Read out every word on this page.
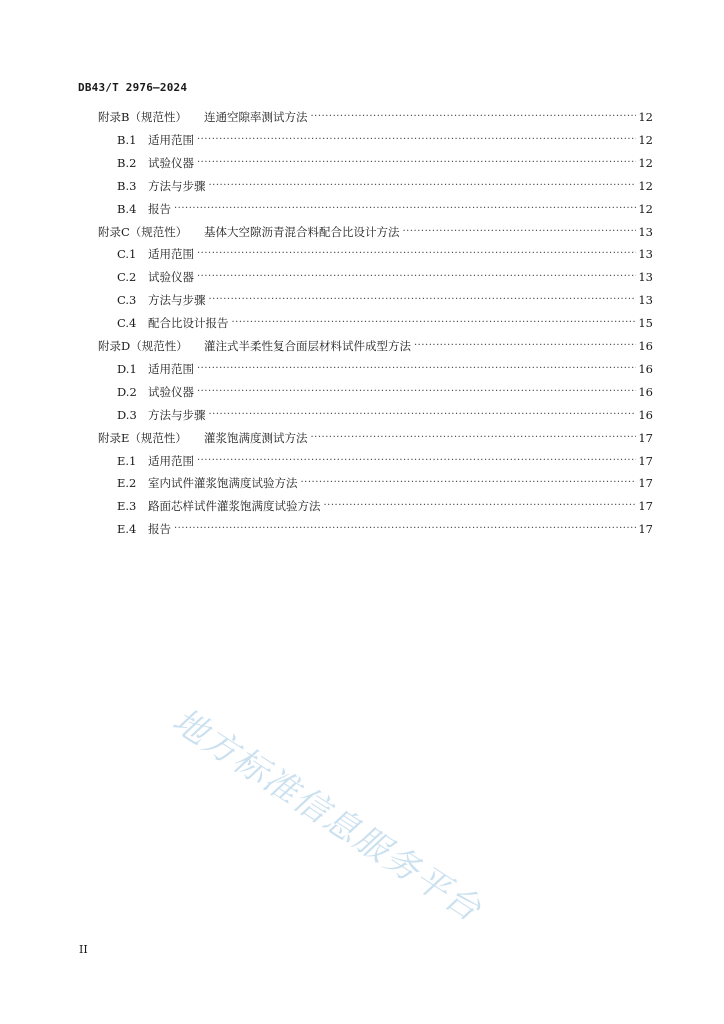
DB43/T 2976—2024
附录B（规范性）	连通空隙率测试方法 ·····	12
B.1	适用范围 ·····	12
B.2	试验仪器 ·····	12
B.3	方法与步骤 ·····	12
B.4	报告 ·····	12
附录C（规范性）	基体大空隙沥青混合料配合比设计方法 ·····	13
C.1	适用范围 ·····	13
C.2	试验仪器 ·····	13
C.3	方法与步骤 ·····	13
C.4	配合比设计报告 ·····	15
附录D（规范性）	灌注式半柔性复合面层材料试件成型方法 ·····	16
D.1 适用范围 ·····	16
D.2 试验仪器 ·····	16
D.3 方法与步骤 ·····	16
附录E（规范性）	灌浆饱满度测试方法 ·····	17
E.1	适用范围 ·····	17
E.2	室内试件灌浆饱满度试验方法 ·····	17
E.3	路面芯样试件灌浆饱满度试验方法 ·····	17
E.4	报告 ·····	17
II
地方标准信息服务平台
